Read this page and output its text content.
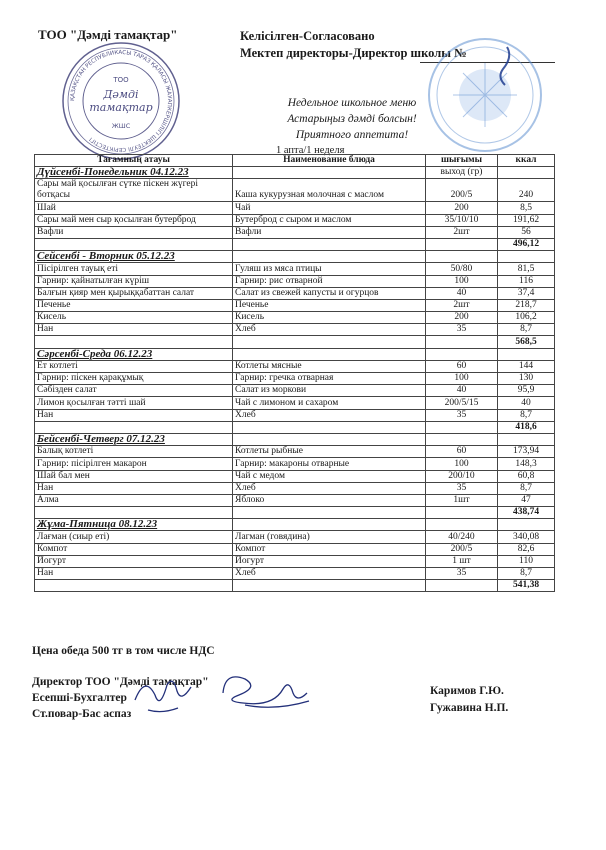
ТОО "Дәмді тамақтар"	Келісілген-Согласовано
Мектеп директоры-Директор школы №
ҚАЗАҚСТАН РЕСПУБЛИКАСЫ ТАРАЗ ҚАЛАСЫ ЖАУАПКЕРШІЛІГІ ШЕКТЕУЛІ СЕРІКТЕСТІГІ
ТОО
Дәмді
тамақтар
ЖШС
Недельное школьное меню
Астарыңыз дәмді болсын!
Приятного аппетита!
1 апта/1 неделя
Тағамның атауы	Наименование блюда	шығымы	ккал
Дүйсенбі-Понедельник 04.12.23		выход (гр)	
Сары май қосылған сүтке піскен жүгері ботқасы	Каша кукурузная молочная с маслом	200/5	240
Шай	Чай	200	8,5
Сары май мен сыр қосылған бутерброд	Бутерброд с сыром и маслом	35/10/10	191,62
Вафли	Вафли	2шт	56
			496,12
Сейсенбі - Вторник 05.12.23			
Пісірілген тауық еті	Гуляш из мяса птицы	50/80	81,5
Гарнир: қайнатылған күріш	Гарнир: рис отварной	100	116
Балғын қияр мен қырыққабаттан салат	Салат из свежей капусты и огурцов	40	37,4
Печенье	Печенье	2шт	218,7
Кисель	Кисель	200	106,2
Нан	Хлеб	35	8,7
			568,5
Сәрсенбі-Среда 06.12.23			
Ет котлеті	Котлеты мясные	60	144
Гарнир: піскен қарақұмық	Гарнир: гречка отварная	100	130
Сәбізден салат	Салат из моркови	40	95,9
Лимон қосылған тәтті шай	Чай с лимоном и сахаром	200/5/15	40
Нан	Хлеб	35	8,7
			418,6
Бейсенбі-Четверг 07.12.23			
Балық котлеті	Котлеты рыбные	60	173,94
Гарнир: пісірілген макарон	Гарнир: макароны отварные	100	148,3
Шай бал мен	Чай с медом	200/10	60,8
Нан	Хлеб	35	8,7
Алма	Яблоко	1шт	47
			438,74
Жұма-Пятница 08.12.23			
Лағман (сиыр еті)	Лагман (говядина)	40/240	340,08
Компот	Компот	200/5	82,6
Йогурт	Йогурт	1 шт	110
Нан	Хлеб	35	8,7
			541,38
Цена обеда 500 тг в том числе НДС
Директор ТОО "Дәмді тамақтар"
Есепші-Бухгалтер
Ст.повар-Бас аспаз
Каримов Г.Ю.
Гужавина Н.П.
